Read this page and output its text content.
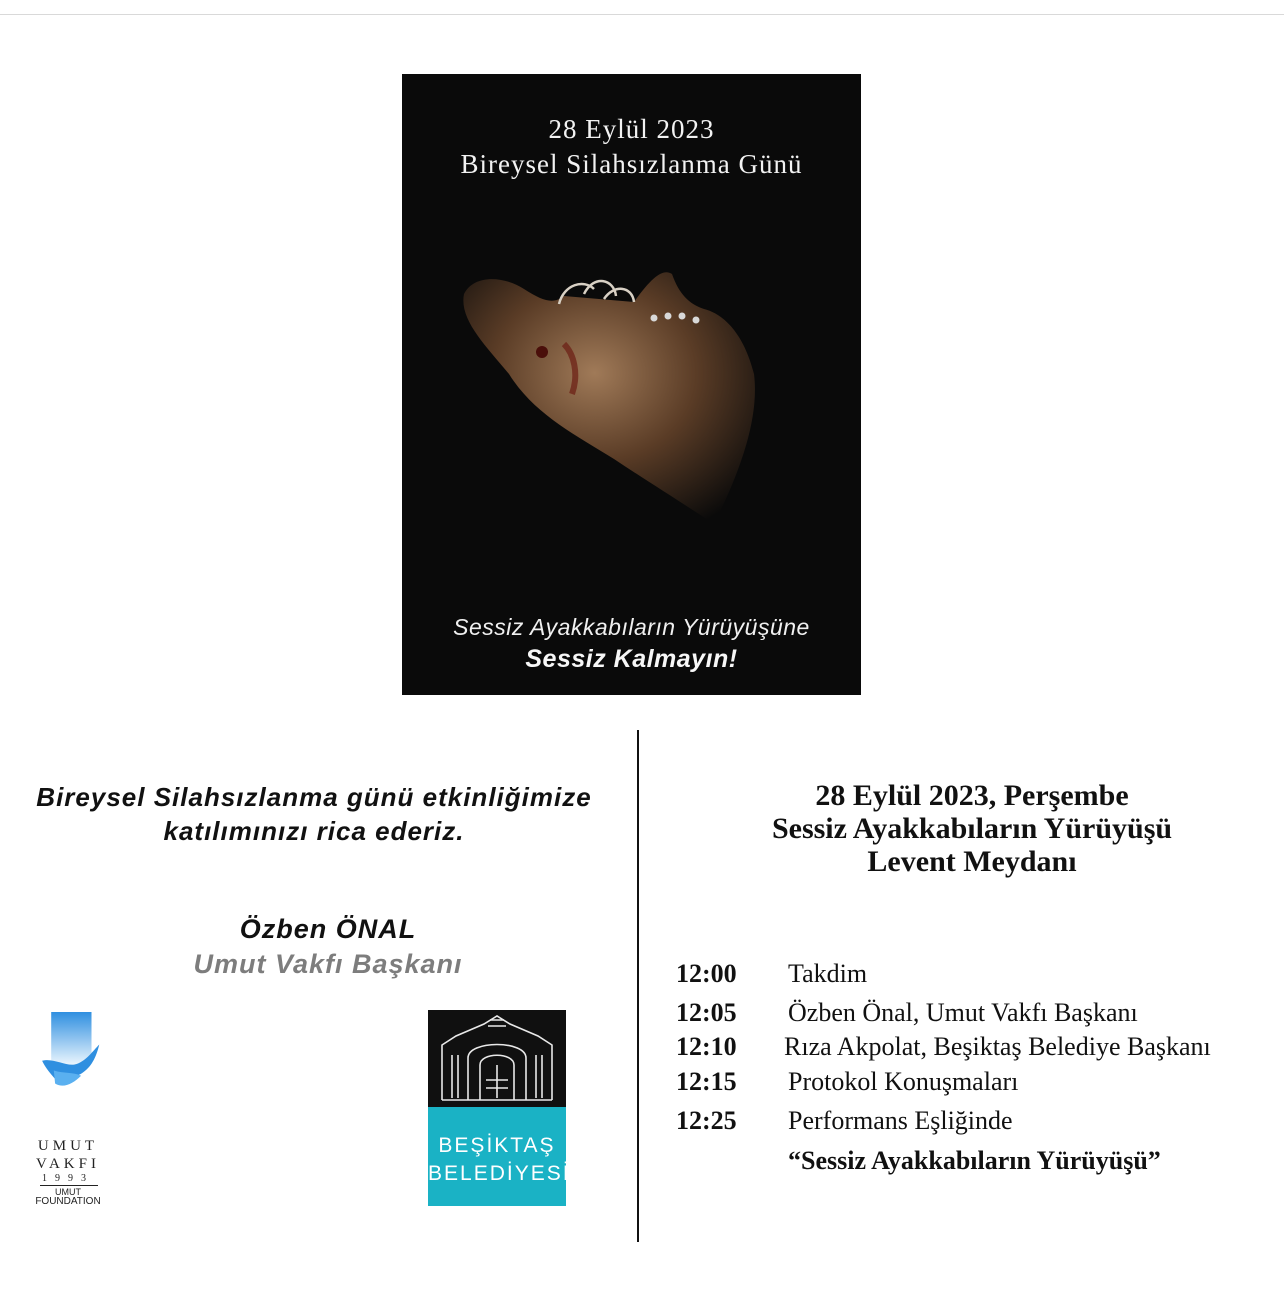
28 Eylül 2023
Bireysel Silahsızlanma Günü
Sessiz Ayakkabıların Yürüyüşüne
Sessiz Kalmayın!
Bireysel Silahsızlanma günü etkinliğimize
katılımınızı rica ederiz.
Özben ÖNAL
Umut Vakfı Başkanı
UMUT
VAKFI
1993
UMUT
FOUNDATION
BEŞİKTAŞ
BELEDİYESİ
28 Eylül 2023, Perşembe
Sessiz Ayakkabıların Yürüyüşü
Levent Meydanı
12:00 Takdim
12:05 Özben Önal, Umut Vakfı Başkanı
12:10 Rıza Akpolat, Beşiktaş Belediye Başkanı
12:15 Protokol Konuşmaları
12:25 Performans Eşliğinde
“Sessiz Ayakkabıların Yürüyüşü”
